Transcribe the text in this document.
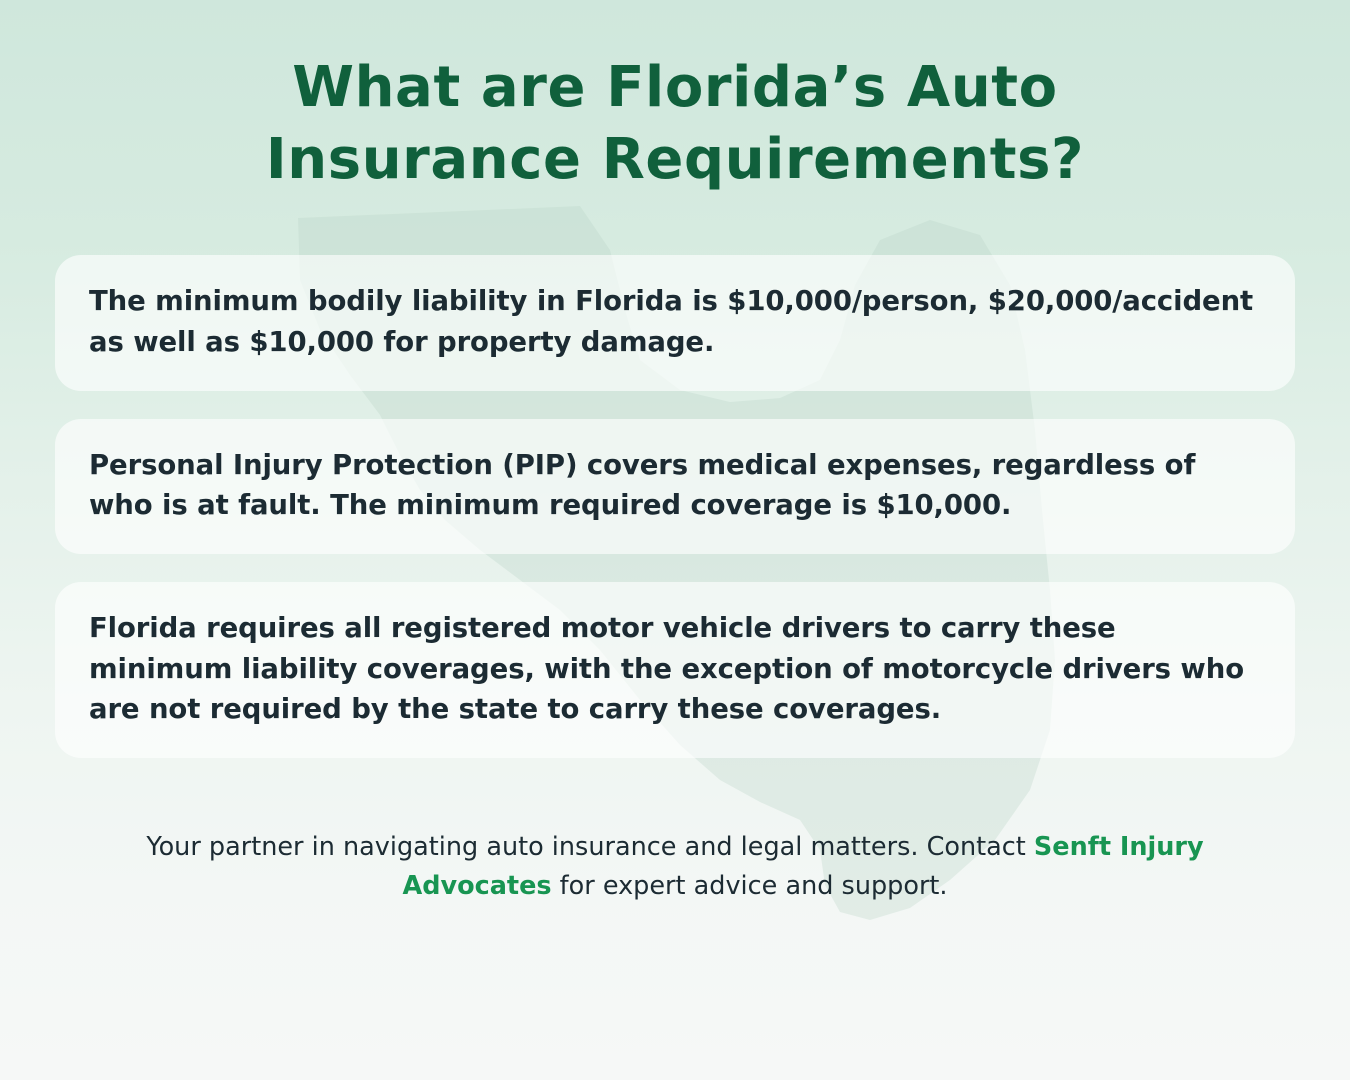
What are Florida’s Auto Insurance Requirements?

The minimum bodily liability in Florida is $10,000/person, $20,000/accident as well as $10,000 for property damage.

Personal Injury Protection (PIP) covers medical expenses, regardless of who is at fault. The minimum required coverage is $10,000.

Florida requires all registered motor vehicle drivers to carry these minimum liability coverages, with the exception of motorcycle drivers who are not required by the state to carry these coverages.

Your partner in navigating auto insurance and legal matters. Contact Senft Injury Advocates for expert advice and support.
